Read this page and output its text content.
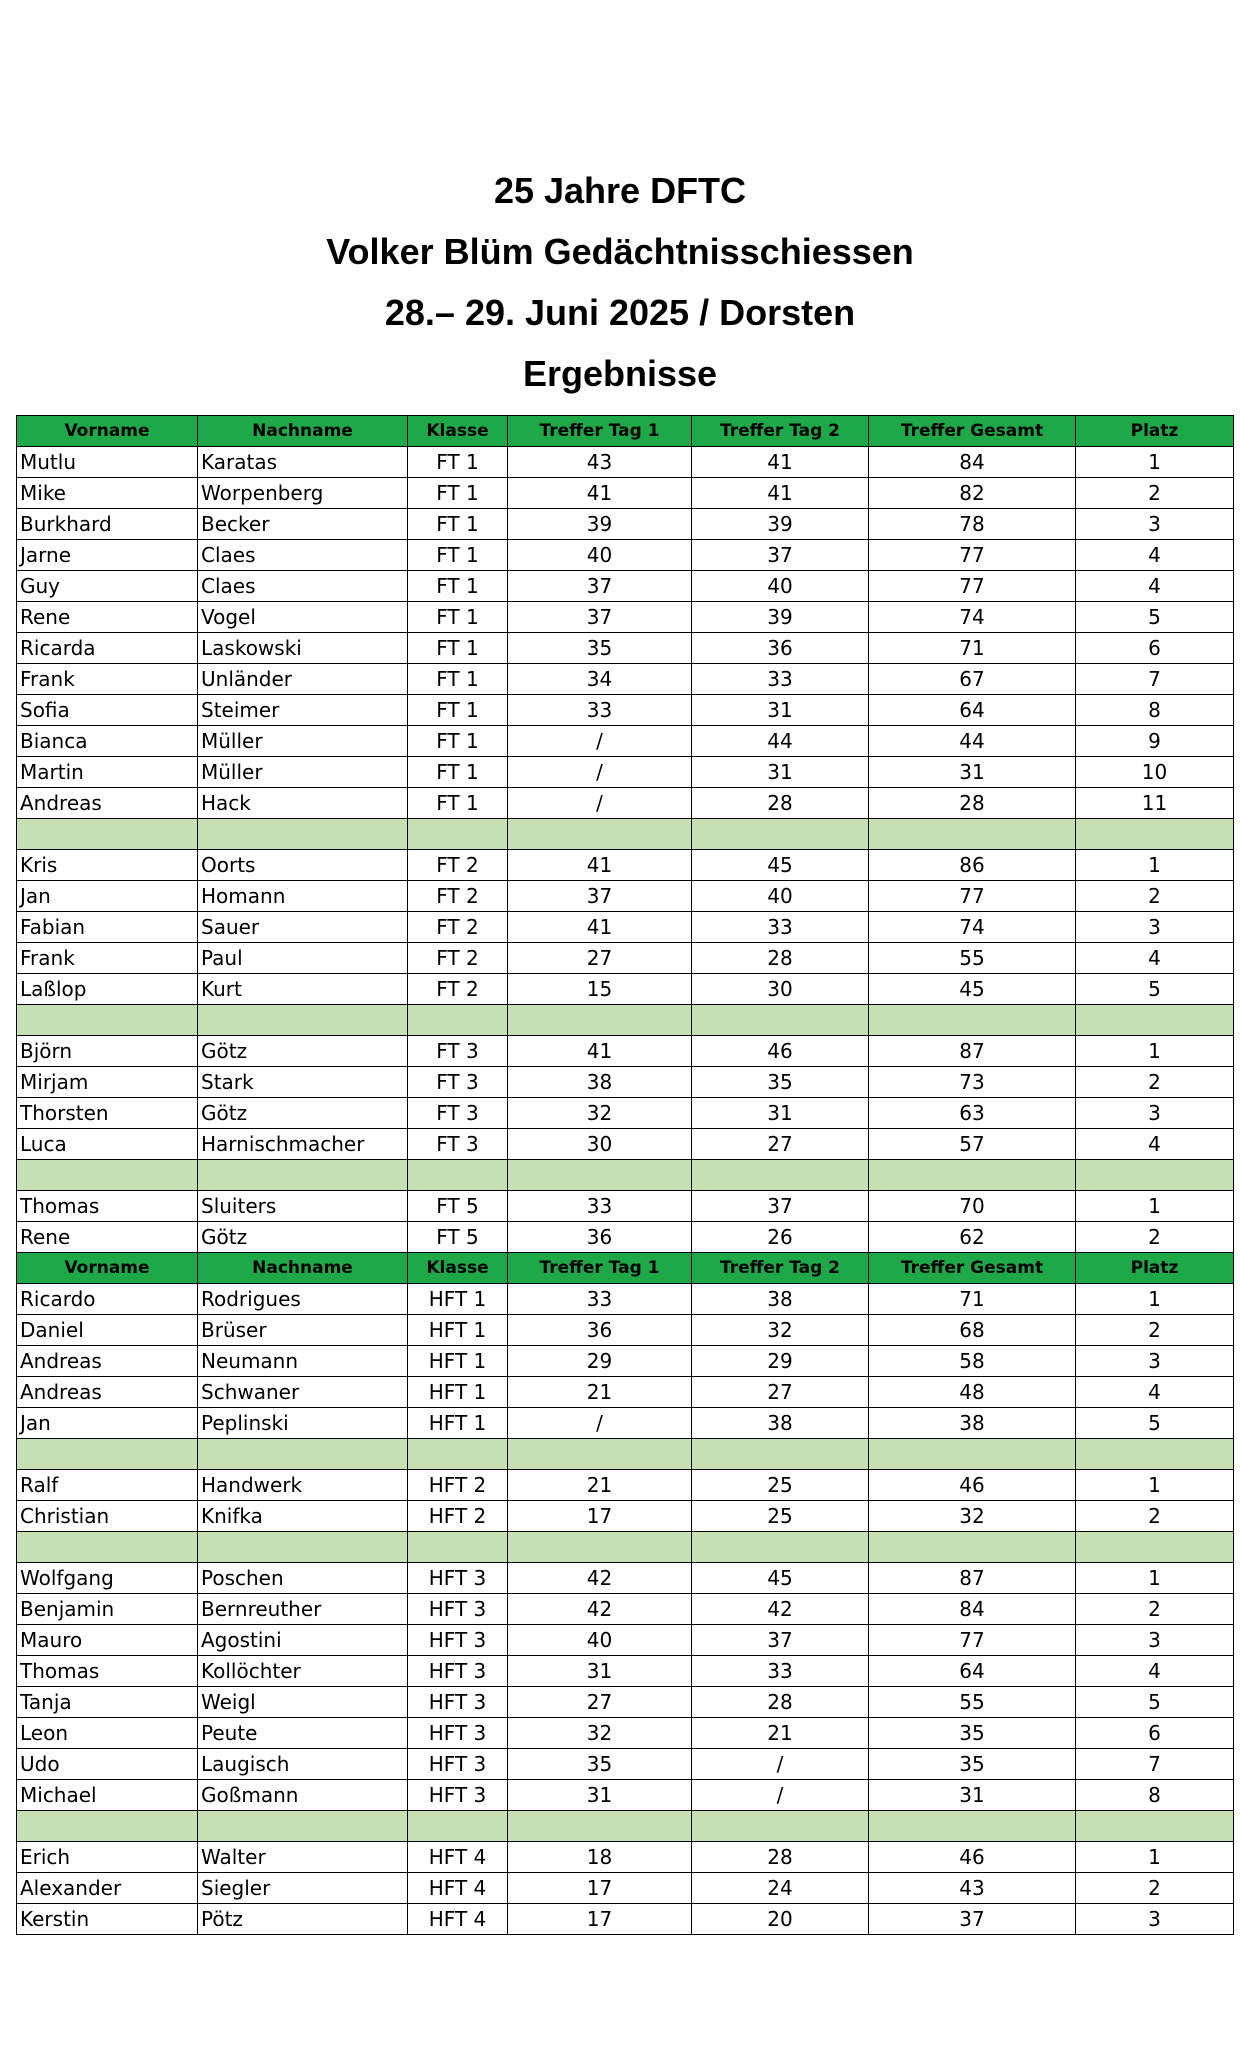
25 Jahre DFTC
Volker Blüm Gedächtnisschiessen
28.– 29. Juni 2025 / Dorsten
Ergebnisse
Vorname	Nachname	Klasse	Treffer Tag 1	Treffer Tag 2	Treffer Gesamt	Platz
Mutlu	Karatas	FT 1	43	41	84	1
Mike	Worpenberg	FT 1	41	41	82	2
Burkhard	Becker	FT 1	39	39	78	3
Jarne	Claes	FT 1	40	37	77	4
Guy	Claes	FT 1	37	40	77	4
Rene	Vogel	FT 1	37	39	74	5
Ricarda	Laskowski	FT 1	35	36	71	6
Frank	Unländer	FT 1	34	33	67	7
Sofia	Steimer	FT 1	33	31	64	8
Bianca	Müller	FT 1	/	44	44	9
Martin	Müller	FT 1	/	31	31	10
Andreas	Hack	FT 1	/	28	28	11

Kris	Oorts	FT 2	41	45	86	1
Jan	Homann	FT 2	37	40	77	2
Fabian	Sauer	FT 2	41	33	74	3
Frank	Paul	FT 2	27	28	55	4
Laßlop	Kurt	FT 2	15	30	45	5

Björn	Götz	FT 3	41	46	87	1
Mirjam	Stark	FT 3	38	35	73	2
Thorsten	Götz	FT 3	32	31	63	3
Luca	Harnischmacher	FT 3	30	27	57	4

Thomas	Sluiters	FT 5	33	37	70	1
Rene	Götz	FT 5	36	26	62	2
Vorname	Nachname	Klasse	Treffer Tag 1	Treffer Tag 2	Treffer Gesamt	Platz
Ricardo	Rodrigues	HFT 1	33	38	71	1
Daniel	Brüser	HFT 1	36	32	68	2
Andreas	Neumann	HFT 1	29	29	58	3
Andreas	Schwaner	HFT 1	21	27	48	4
Jan	Peplinski	HFT 1	/	38	38	5

Ralf	Handwerk	HFT 2	21	25	46	1
Christian	Knifka	HFT 2	17	25	32	2

Wolfgang	Poschen	HFT 3	42	45	87	1
Benjamin	Bernreuther	HFT 3	42	42	84	2
Mauro	Agostini	HFT 3	40	37	77	3
Thomas	Kollöchter	HFT 3	31	33	64	4
Tanja	Weigl	HFT 3	27	28	55	5
Leon	Peute	HFT 3	32	21	35	6
Udo	Laugisch	HFT 3	35	/	35	7
Michael	Goßmann	HFT 3	31	/	31	8

Erich	Walter	HFT 4	18	28	46	1
Alexander	Siegler	HFT 4	17	24	43	2
Kerstin	Pötz	HFT 4	17	20	37	3
